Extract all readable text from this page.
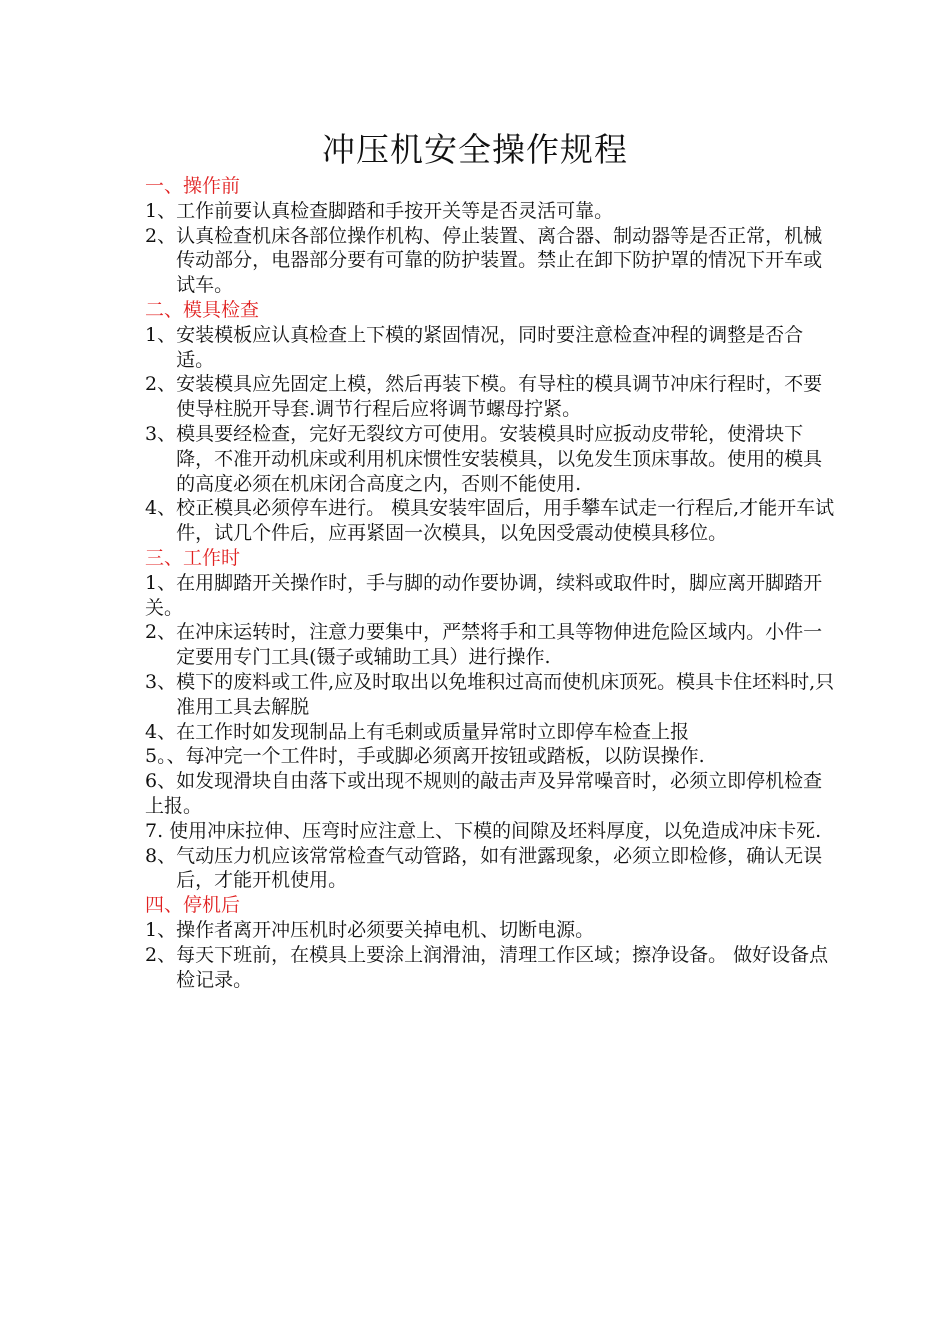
冲压机安全操作规程
一、操作前
1、 工作前要认真检查脚踏和手按开关等是否灵活可靠。
2、 认真检查机床各部位操作机构、停止装置、离合器、制动器等是否正常，机械传动部分，电器部分要有可靠的防护装置。禁止在卸下防护罩的情况下开车或试车。
二、模具检查
1、 安装模板应认真检查上下模的紧固情况，同时要注意检查冲程的调整是否合适。
2、 安装模具应先固定上模，然后再装下模。有导柱的模具调节冲床行程时，不要使导柱脱开导套.调节行程后应将调节螺母拧紧。
3、 模具要经检查，完好无裂纹方可使用。安装模具时应扳动皮带轮，使滑块下降，不准开动机床或利用机床惯性安装模具，以免发生顶床事故。使用的模具的高度必须在机床闭合高度之内，否则不能使用.
4、 校正模具必须停车进行。 模具安装牢固后，用手攀车试走一行程后,才能开车试件，试几个件后，应再紧固一次模具，以免因受震动使模具移位。
三、工作时
1、在用脚踏开关操作时，手与脚的动作要协调，续料或取件时，脚应离开脚踏开关。
2、 在冲床运转时，注意力要集中，严禁将手和工具等物伸进危险区域内。小件一定要用专门工具(镊子或辅助工具）进行操作.
3、 模下的废料或工件,应及时取出以免堆积过高而使机床顶死。模具卡住坯料时,只准用工具去解脱
4、 在工作时如发现制品上有毛刺或质量异常时立即停车检查上报
5。、 每冲完一个工件时，手或脚必须离开按钮或踏板，以防误操作.
6、如发现滑块自由落下或出现不规则的敲击声及异常噪音时，必须立即停机检查上报。
7. 使用冲床拉伸、压弯时应注意上、下模的间隙及坯料厚度，以免造成冲床卡死.
8、 气动压力机应该常常检查气动管路，如有泄露现象，必须立即检修，确认无误后，才能开机使用。
四、停机后
1、 操作者离开冲压机时必须要关掉电机、切断电源。
2、 每天下班前，在模具上要涂上润滑油，清理工作区域；擦净设备。 做好设备点检记录。
